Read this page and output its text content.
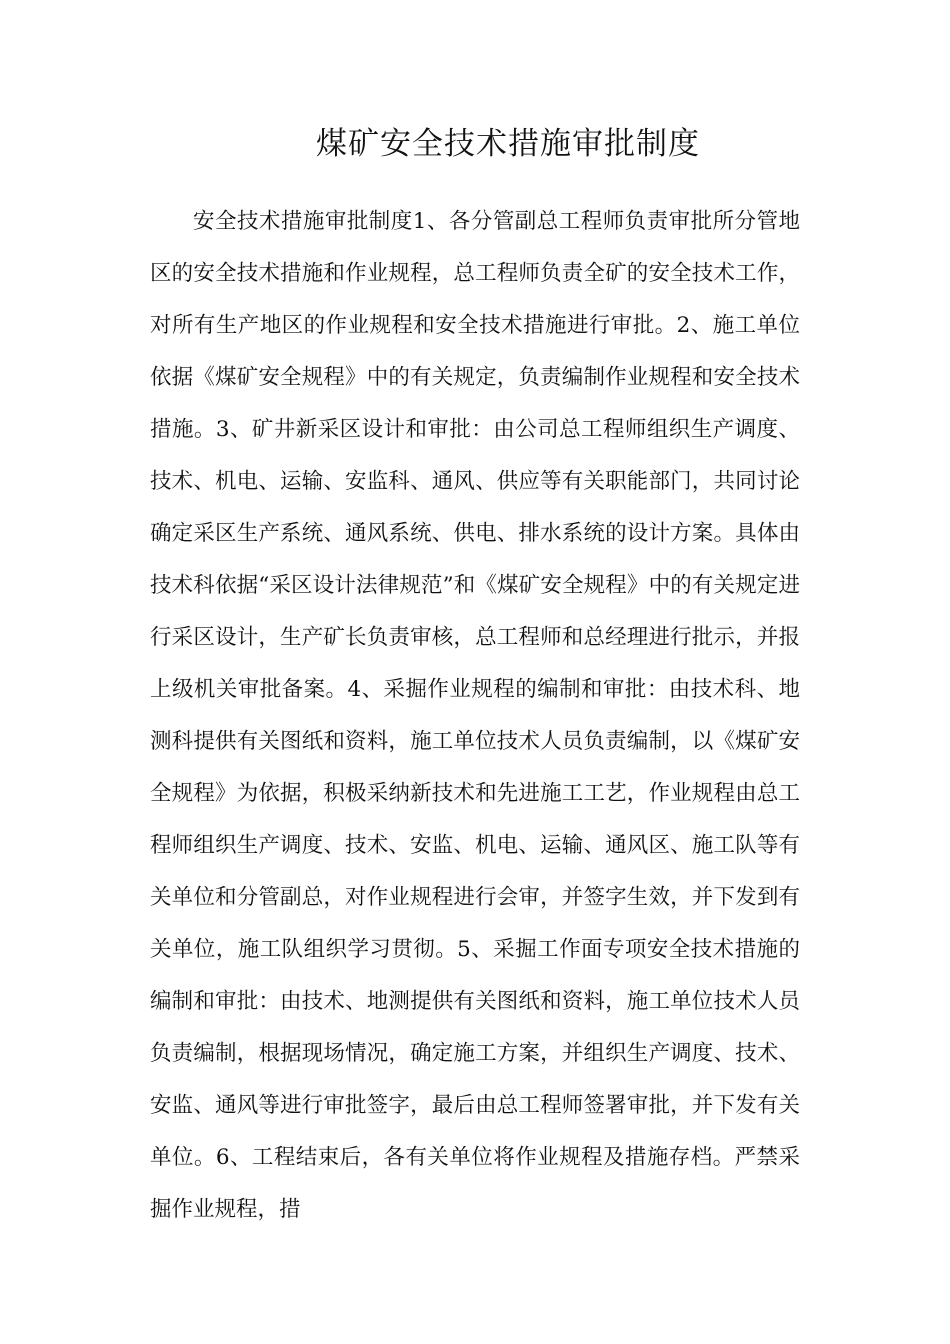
煤矿安全技术措施审批制度

安全技术措施审批制度1、各分管副总工程师负责审批所分管地区的安全技术措施和作业规程，总工程师负责全矿的安全技术工作，对所有生产地区的作业规程和安全技术措施进行审批。2、施工单位依据《煤矿安全规程》中的有关规定，负责编制作业规程和安全技术措施。3、矿井新采区设计和审批：由公司总工程师组织生产调度、技术、机电、运输、安监科、通风、供应等有关职能部门，共同讨论确定采区生产系统、通风系统、供电、排水系统的设计方案。具体由技术科依据“采区设计法律规范”和《煤矿安全规程》中的有关规定进行采区设计，生产矿长负责审核，总工程师和总经理进行批示，并报上级机关审批备案。4、采掘作业规程的编制和审批：由技术科、地测科提供有关图纸和资料，施工单位技术人员负责编制，以《煤矿安全规程》为依据，积极采纳新技术和先进施工工艺，作业规程由总工程师组织生产调度、技术、安监、机电、运输、通风区、施工队等有关单位和分管副总，对作业规程进行会审，并签字生效，并下发到有关单位，施工队组织学习贯彻。5、采掘工作面专项安全技术措施的编制和审批：由技术、地测提供有关图纸和资料，施工单位技术人员负责编制，根据现场情况，确定施工方案，并组织生产调度、技术、安监、通风等进行审批签字，最后由总工程师签署审批，并下发有关单位。6、工程结束后，各有关单位将作业规程及措施存档。严禁采掘作业规程，措
